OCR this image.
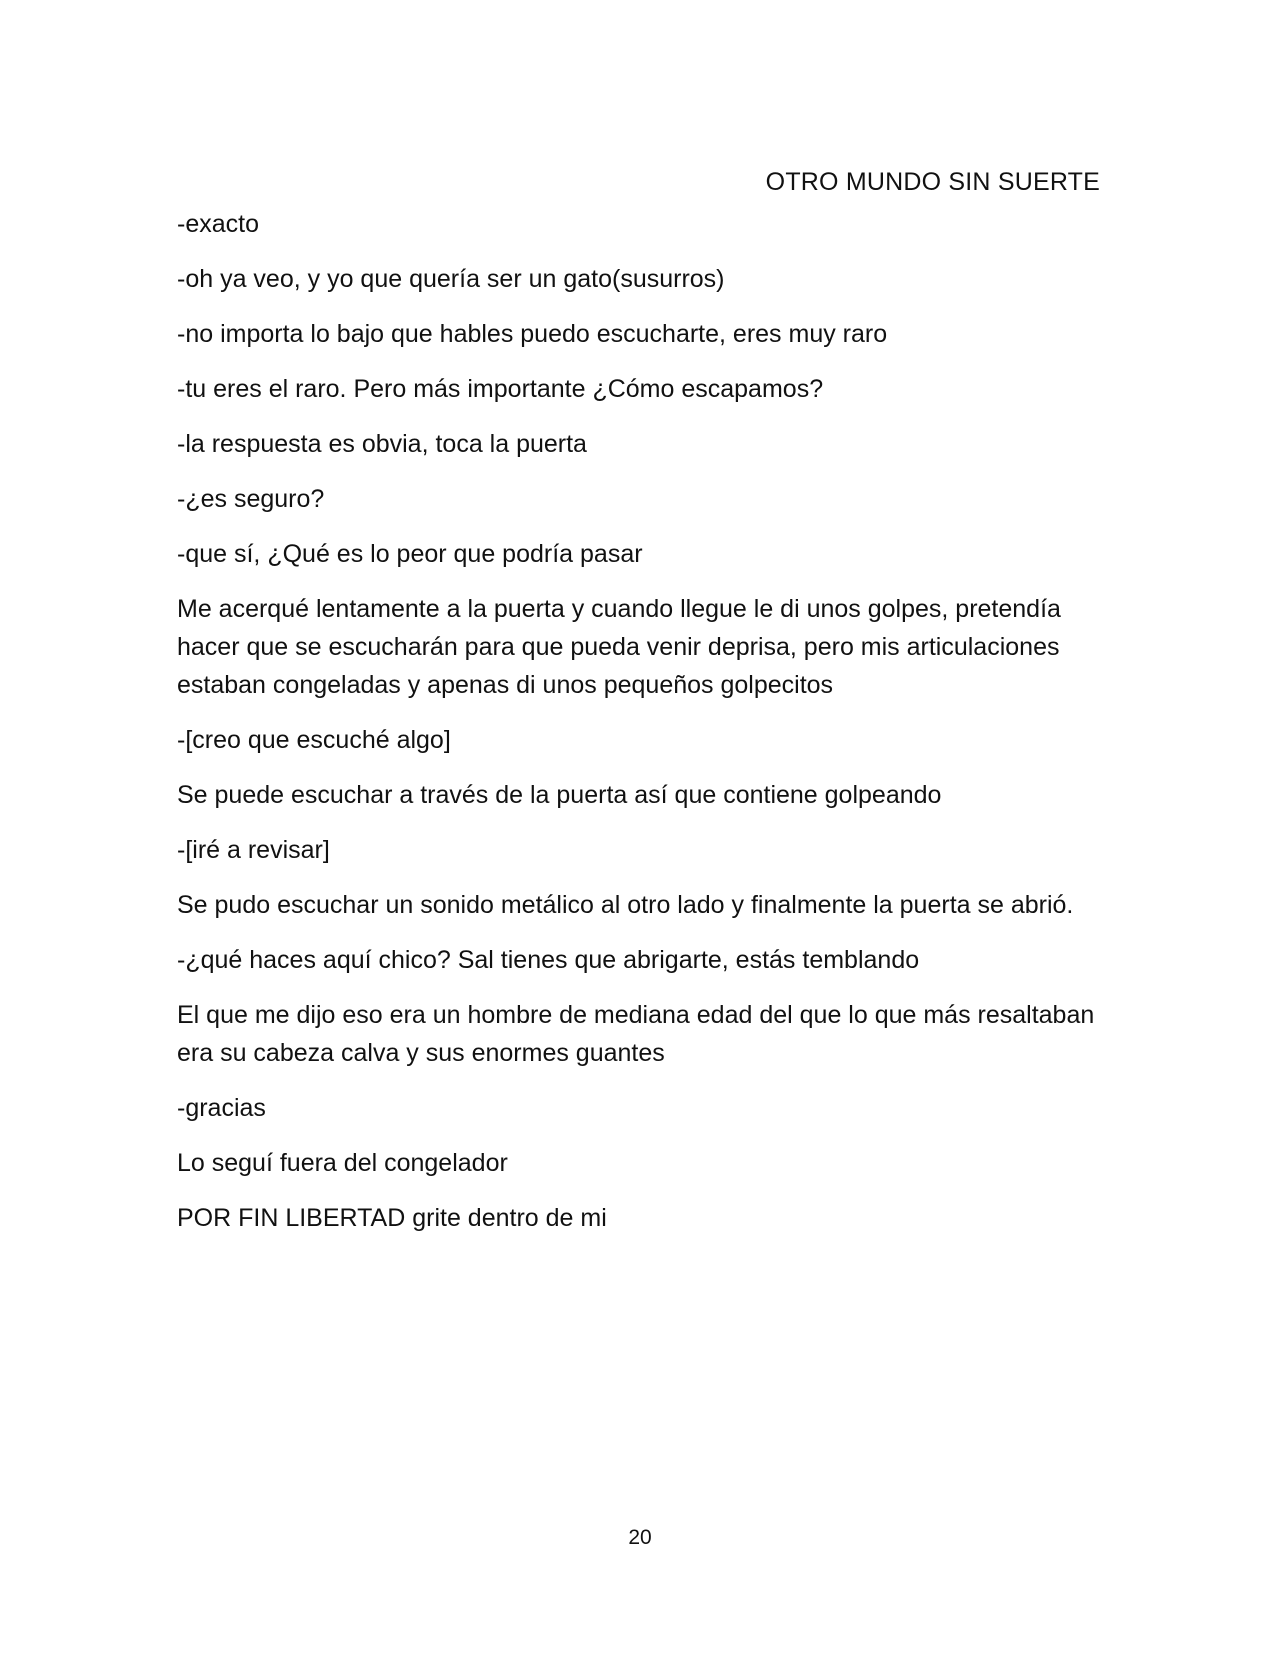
OTRO MUNDO SIN SUERTE

-exacto

-oh ya veo, y yo que quería ser un gato(susurros)

-no importa lo bajo que hables puedo escucharte, eres muy raro

-tu eres el raro. Pero más importante ¿Cómo escapamos?

-la respuesta es obvia, toca la puerta

-¿es seguro?

-que sí, ¿Qué es lo peor que podría pasar

Me acerqué lentamente a la puerta y cuando llegue le di unos golpes, pretendía hacer que se escucharán para que pueda venir deprisa, pero mis articulaciones estaban congeladas y apenas di unos pequeños golpecitos

-[creo que escuché algo]

Se puede escuchar a través de la puerta así que contiene golpeando

-[iré a revisar]

Se pudo escuchar un sonido metálico al otro lado y finalmente la puerta se abrió.

-¿qué haces aquí chico? Sal tienes que abrigarte, estás temblando

El que me dijo eso era un hombre de mediana edad del que lo que más resaltaban era su cabeza calva y sus enormes guantes

-gracias

Lo seguí fuera del congelador

POR FIN LIBERTAD grite dentro de mi

20
